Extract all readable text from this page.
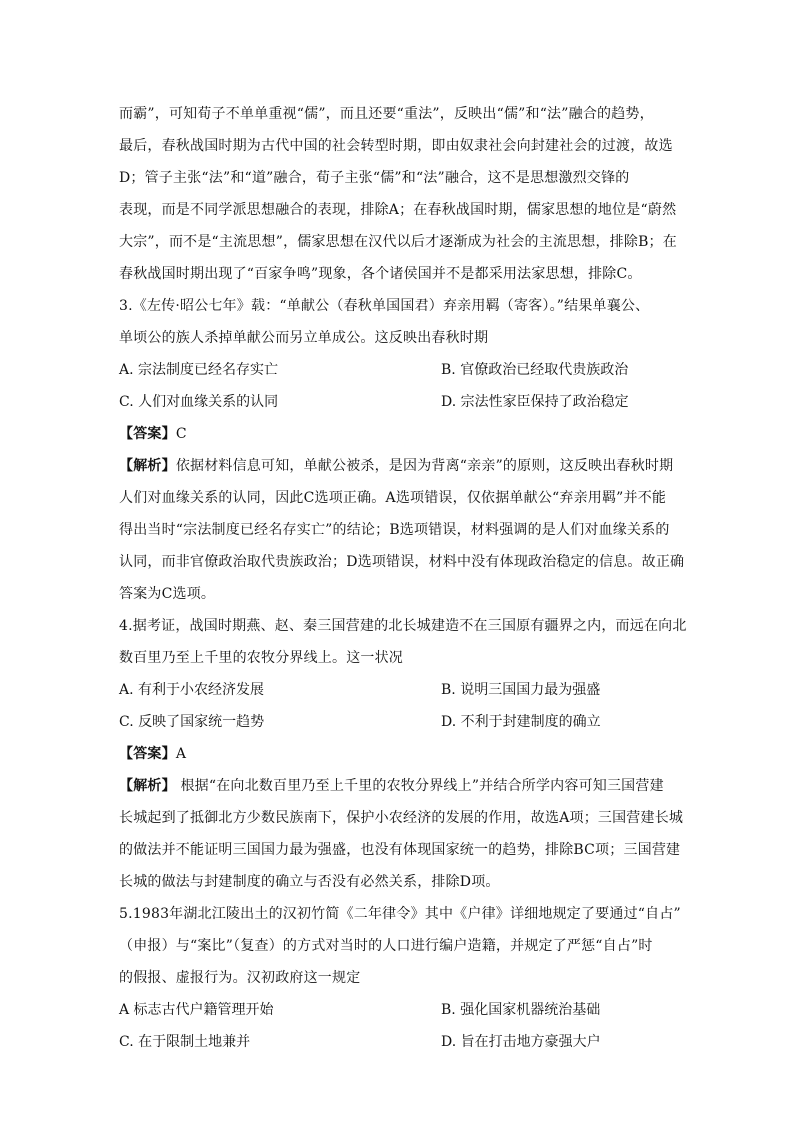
而霸”，可知荀子不单单重视“儒”，而且还要“重法”，反映出“儒”和“法”融合的趋势，
最后，春秋战国时期为古代中国的社会转型时期，即由奴隶社会向封建社会的过渡，故选
D；管子主张“法”和“道”融合，荀子主张“儒”和“法”融合，这不是思想激烈交锋的
表现，而是不同学派思想融合的表现，排除A；在春秋战国时期，儒家思想的地位是“蔚然
大宗”，而不是“主流思想”，儒家思想在汉代以后才逐渐成为社会的主流思想，排除B；在
春秋战国时期出现了“百家争鸣”现象，各个诸侯国并不是都采用法家思想，排除C。
3.《左传·昭公七年》载：“单献公（春秋单国国君）弃亲用羁（寄客）。”结果单襄公、
单顷公的族人杀掉单献公而另立单成公。这反映出春秋时期
A. 宗法制度已经名存实亡	B. 官僚政治已经取代贵族政治
C. 人们对血缘关系的认同	D. 宗法性家臣保持了政治稳定
【答案】C
【解析】依据材料信息可知，单献公被杀，是因为背离“亲亲”的原则，这反映出春秋时期
人们对血缘关系的认同，因此C选项正确。A选项错误，仅依据单献公“弃亲用羁”并不能
得出当时“宗法制度已经名存实亡”的结论；B选项错误，材料强调的是人们对血缘关系的
认同，而非官僚政治取代贵族政治；D选项错误，材料中没有体现政治稳定的信息。故正确
答案为C选项。
4.据考证，战国时期燕、赵、秦三国营建的北长城建造不在三国原有疆界之内，而远在向北
数百里乃至上千里的农牧分界线上。这一状况
A. 有利于小农经济发展	B. 说明三国国力最为强盛
C. 反映了国家统一趋势	D. 不利于封建制度的确立
【答案】A
【解析】 根据“在向北数百里乃至上千里的农牧分界线上”并结合所学内容可知三国营建
长城起到了抵御北方少数民族南下，保护小农经济的发展的作用，故选A项；三国营建长城
的做法并不能证明三国国力最为强盛，也没有体现国家统一的趋势，排除BC项；三国营建
长城的做法与封建制度的确立与否没有必然关系，排除D项。
5.1983年湖北江陵出土的汉初竹简《二年律令》其中《户律》详细地规定了要通过“自占”
（申报）与“案比”（复查）的方式对当时的人口进行编户造籍，并规定了严惩“自占”时
的假报、虚报行为。汉初政府这一规定
A 标志古代户籍管理开始	B. 强化国家机器统治基础
C. 在于限制土地兼并	D. 旨在打击地方豪强大户
